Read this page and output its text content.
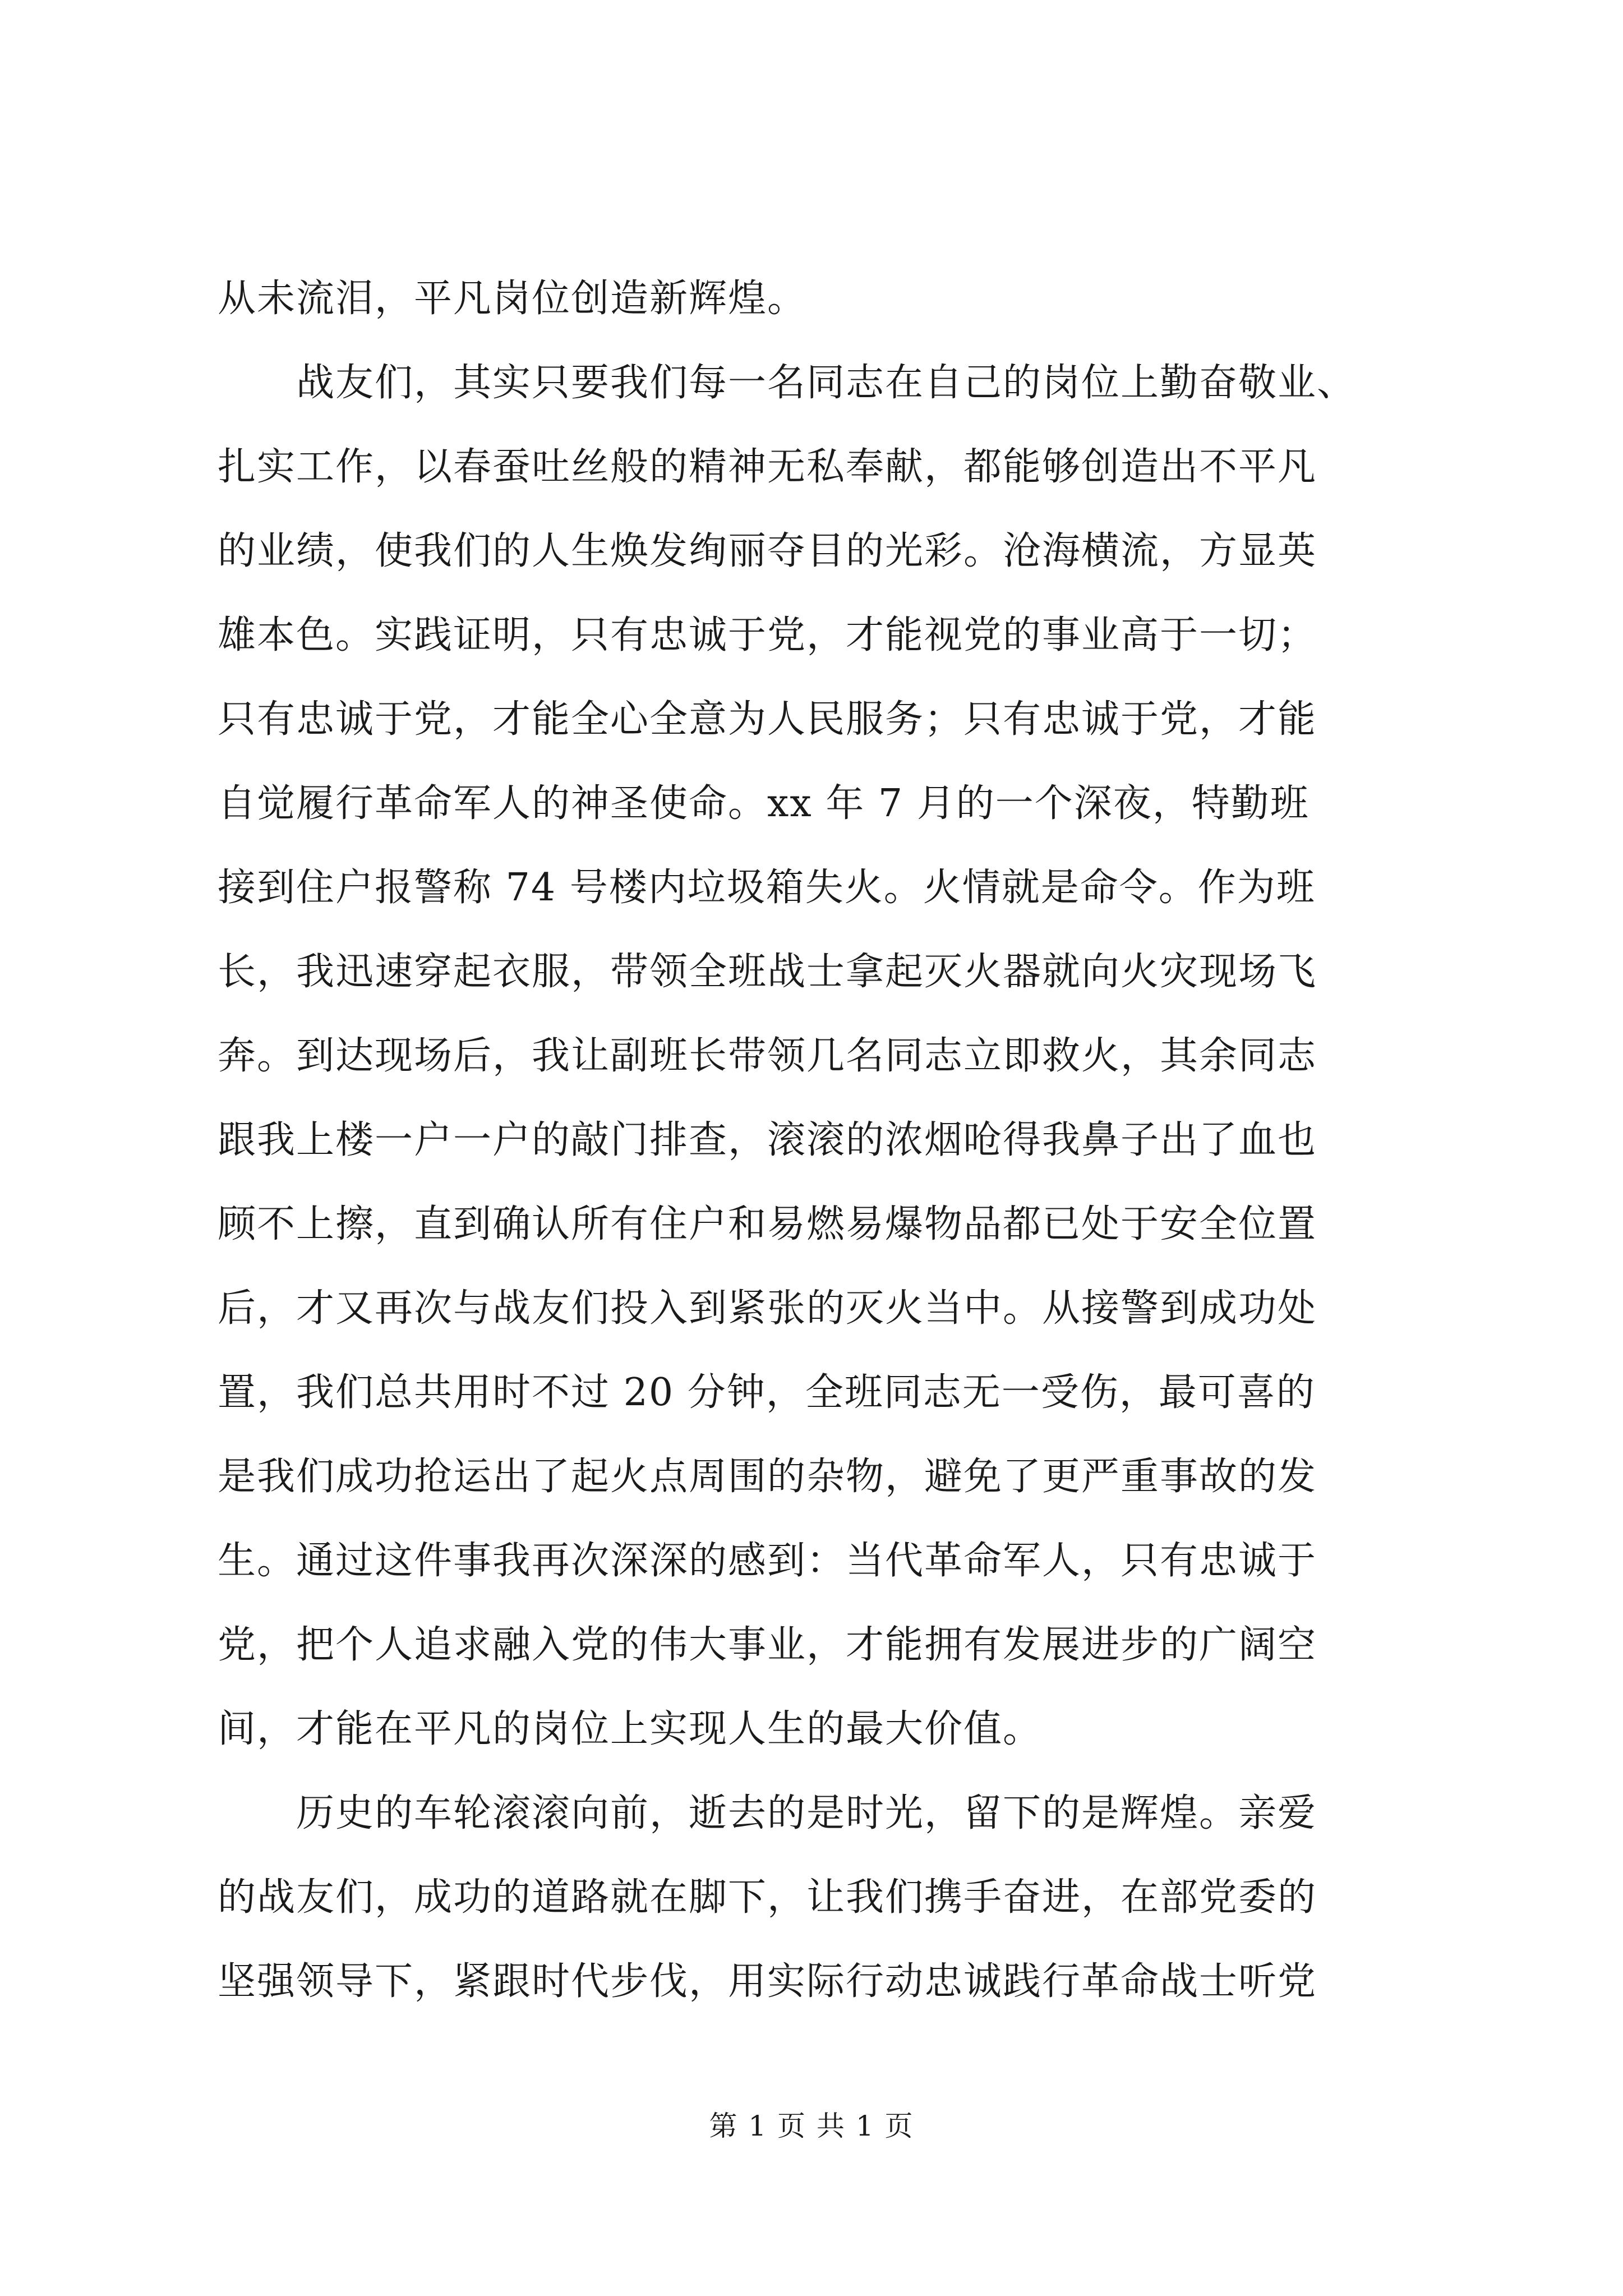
从未流泪，平凡岗位创造新辉煌。
　　战友们，其实只要我们每一名同志在自己的岗位上勤奋敬业、
扎实工作，以春蚕吐丝般的精神无私奉献，都能够创造出不平凡
的业绩，使我们的人生焕发绚丽夺目的光彩。沧海横流，方显英
雄本色。实践证明，只有忠诚于党，才能视党的事业高于一切；
只有忠诚于党，才能全心全意为人民服务；只有忠诚于党，才能
自觉履行革命军人的神圣使命。xx 年 7 月的一个深夜，特勤班
接到住户报警称 74 号楼内垃圾箱失火。火情就是命令。作为班
长，我迅速穿起衣服，带领全班战士拿起灭火器就向火灾现场飞
奔。到达现场后，我让副班长带领几名同志立即救火，其余同志
跟我上楼一户一户的敲门排查，滚滚的浓烟呛得我鼻子出了血也
顾不上擦，直到确认所有住户和易燃易爆物品都已处于安全位置
后，才又再次与战友们投入到紧张的灭火当中。从接警到成功处
置，我们总共用时不过 20 分钟，全班同志无一受伤，最可喜的
是我们成功抢运出了起火点周围的杂物，避免了更严重事故的发
生。通过这件事我再次深深的感到：当代革命军人，只有忠诚于
党，把个人追求融入党的伟大事业，才能拥有发展进步的广阔空
间，才能在平凡的岗位上实现人生的最大价值。
　　历史的车轮滚滚向前，逝去的是时光，留下的是辉煌。亲爱
的战友们，成功的道路就在脚下，让我们携手奋进，在部党委的
坚强领导下，紧跟时代步伐，用实际行动忠诚践行革命战士听党
第 1 页 共 1 页
